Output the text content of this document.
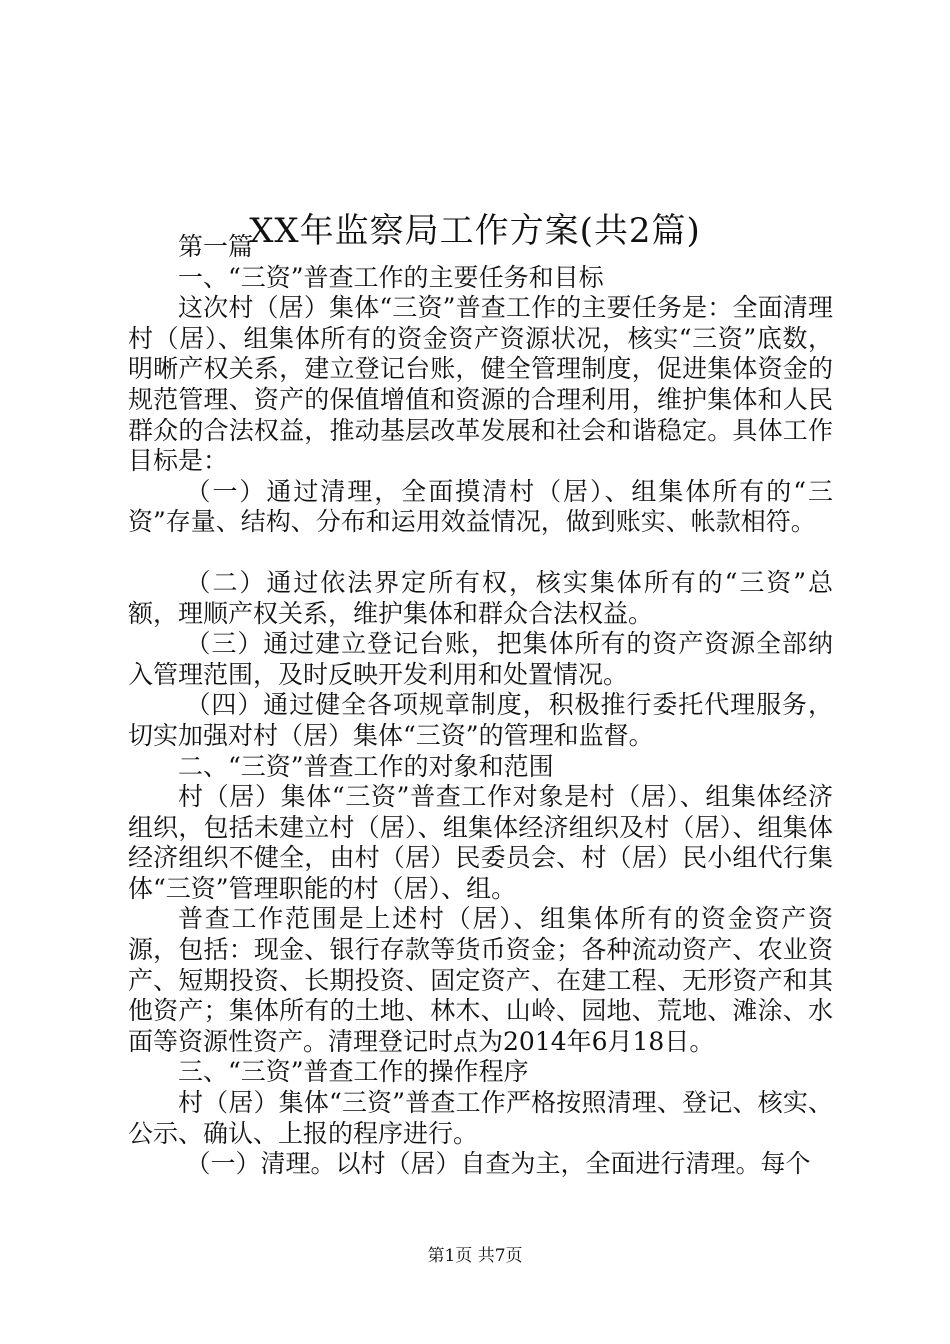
XX年监察局工作方案(共2篇)

第一篇

一、“三资”普查工作的主要任务和目标

这次村（居）集体“三资”普查工作的主要任务是：全面清理村（居）、组集体所有的资金资产资源状况，核实“三资”底数，明晰产权关系，建立登记台账，健全管理制度，促进集体资金的规范管理、资产的保值增值和资源的合理利用，维护集体和人民群众的合法权益，推动基层改革发展和社会和谐稳定。具体工作目标是：

（一）通过清理，全面摸清村（居）、组集体所有的“三资”存量、结构、分布和运用效益情况，做到账实、帐款相符。

（二）通过依法界定所有权，核实集体所有的“三资”总额，理顺产权关系，维护集体和群众合法权益。

（三）通过建立登记台账，把集体所有的资产资源全部纳入管理范围，及时反映开发利用和处置情况。

（四）通过健全各项规章制度，积极推行委托代理服务，切实加强对村（居）集体“三资”的管理和监督。

二、“三资”普查工作的对象和范围

村（居）集体“三资”普查工作对象是村（居）、组集体经济组织，包括未建立村（居）、组集体经济组织及村（居）、组集体经济组织不健全，由村（居）民委员会、村（居）民小组代行集体“三资”管理职能的村（居）、组。

普查工作范围是上述村（居）、组集体所有的资金资产资源，包括：现金、银行存款等货币资金；各种流动资产、农业资产、短期投资、长期投资、固定资产、在建工程、无形资产和其他资产；集体所有的土地、林木、山岭、园地、荒地、滩涂、水面等资源性资产。清理登记时点为2014年6月18日。

三、“三资”普查工作的操作程序

村（居）集体“三资”普查工作严格按照清理、登记、核实、公示、确认、上报的程序进行。

（一）清理。以村（居）自查为主，全面进行清理。每个

第1页 共7页
